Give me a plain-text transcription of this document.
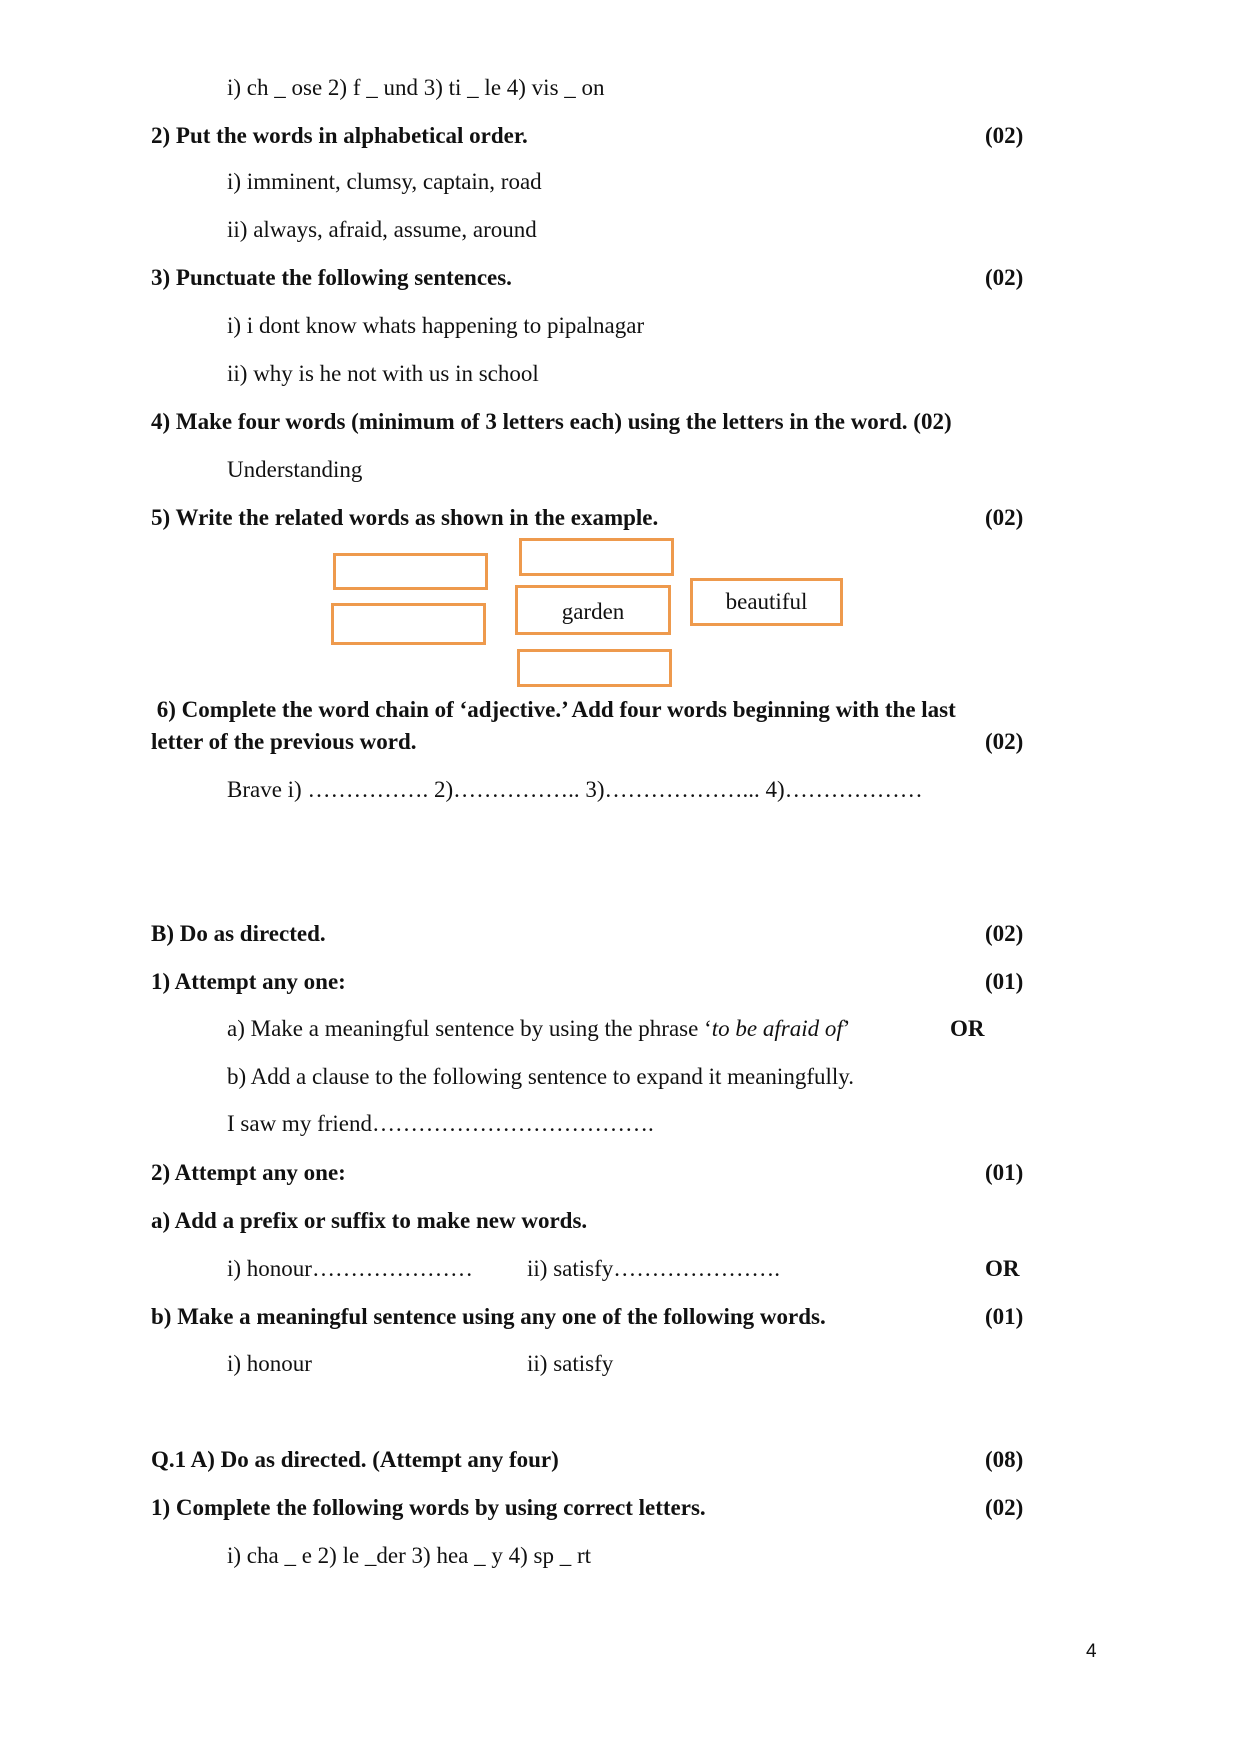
i) ch _ ose 2) f _ und 3) ti _ le 4) vis _ on
2) Put the words in alphabetical order.	(02)
i) imminent, clumsy, captain, road
ii) always, afraid, assume, around
3) Punctuate the following sentences.	(02)
i) i dont know whats happening to pipalnagar
ii) why is he not with us in school
4) Make four words (minimum of 3 letters each) using the letters in the word. (02)
Understanding
5) Write the related words as shown in the example.	(02)
garden	beautiful
6) Complete the word chain of ‘adjective.’ Add four words beginning with the last
letter of the previous word.	(02)
Brave i) ……………. 2)…………….. 3)………………... 4)………………
B) Do as directed.	(02)
1) Attempt any one:	(01)
a) Make a meaningful sentence by using the phrase ‘to be afraid of’	OR
b) Add a clause to the following sentence to expand it meaningfully.
I saw my friend……………………………….
2) Attempt any one:	(01)
a) Add a prefix or suffix to make new words.
i) honour………………… ii) satisfy………………….	OR
b) Make a meaningful sentence using any one of the following words.	(01)
i) honour	ii) satisfy
Q.1 A) Do as directed. (Attempt any four)	(08)
1) Complete the following words by using correct letters.	(02)
i) cha _ e 2) le _der 3) hea _ y 4) sp _ rt
4
